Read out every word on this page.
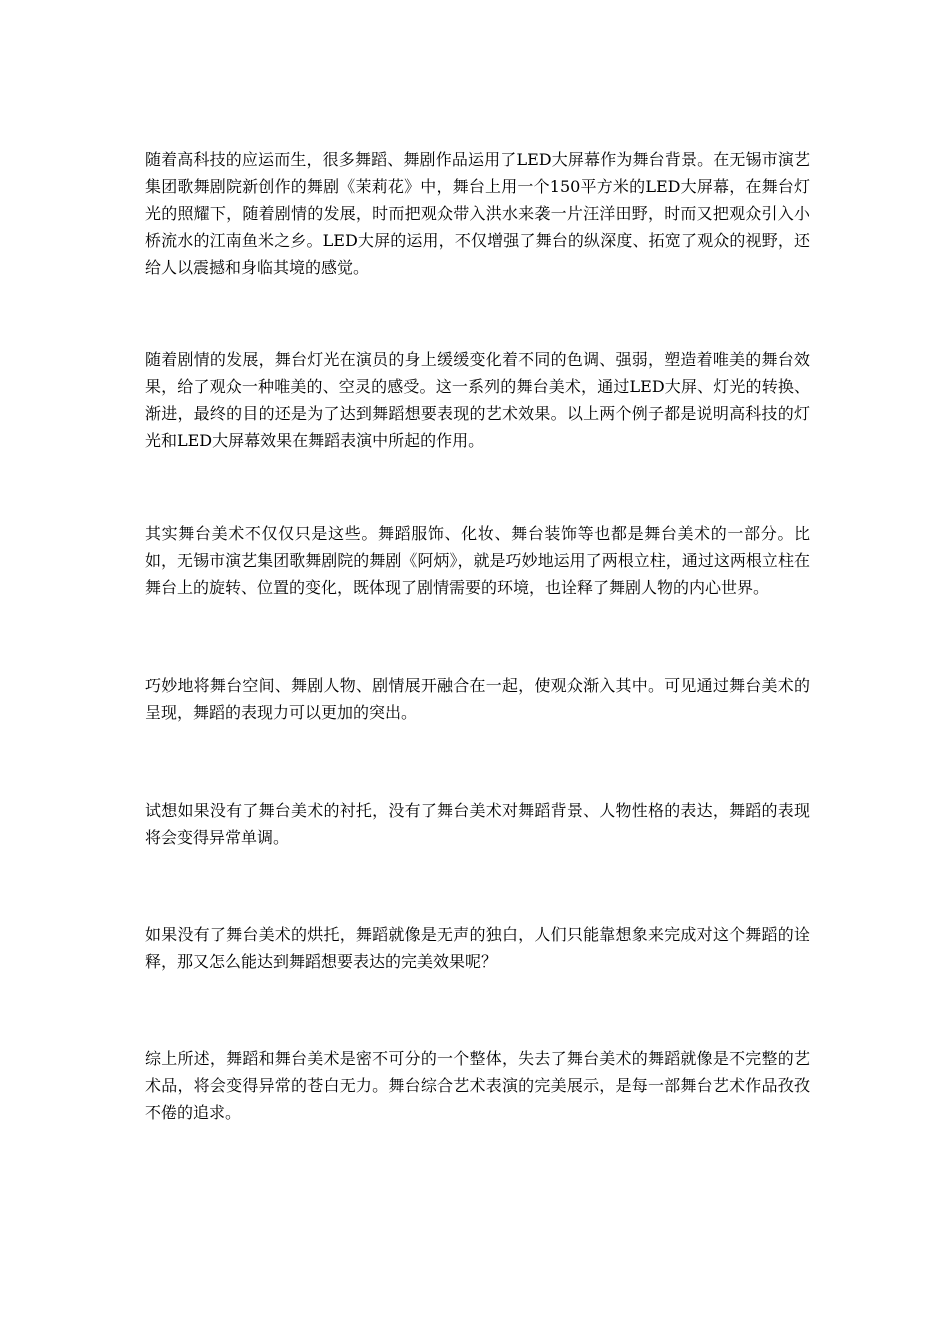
随着高科技的应运而生，很多舞蹈、舞剧作品运用了LED大屏幕作为舞台背景。在无锡市演艺集团歌舞剧院新创作的舞剧《茉莉花》中，舞台上用一个150平方米的LED大屏幕，在舞台灯光的照耀下，随着剧情的发展，时而把观众带入洪水来袭一片汪洋田野，时而又把观众引入小桥流水的江南鱼米之乡。LED大屏的运用，不仅增强了舞台的纵深度、拓宽了观众的视野，还给人以震撼和身临其境的感觉。

随着剧情的发展，舞台灯光在演员的身上缓缓变化着不同的色调、强弱，塑造着唯美的舞台效果，给了观众一种唯美的、空灵的感受。这一系列的舞台美术，通过LED大屏、灯光的转换、渐进，最终的目的还是为了达到舞蹈想要表现的艺术效果。以上两个例子都是说明高科技的灯光和LED大屏幕效果在舞蹈表演中所起的作用。

其实舞台美术不仅仅只是这些。舞蹈服饰、化妆、舞台装饰等也都是舞台美术的一部分。比如，无锡市演艺集团歌舞剧院的舞剧《阿炳》，就是巧妙地运用了两根立柱，通过这两根立柱在舞台上的旋转、位置的变化，既体现了剧情需要的环境，也诠释了舞剧人物的内心世界。

巧妙地将舞台空间、舞剧人物、剧情展开融合在一起，使观众渐入其中。可见通过舞台美术的呈现，舞蹈的表现力可以更加的突出。

试想如果没有了舞台美术的衬托，没有了舞台美术对舞蹈背景、人物性格的表达，舞蹈的表现将会变得异常单调。

如果没有了舞台美术的烘托，舞蹈就像是无声的独白，人们只能靠想象来完成对这个舞蹈的诠释，那又怎么能达到舞蹈想要表达的完美效果呢？

综上所述，舞蹈和舞台美术是密不可分的一个整体，失去了舞台美术的舞蹈就像是不完整的艺术品，将会变得异常的苍白无力。舞台综合艺术表演的完美展示，是每一部舞台艺术作品孜孜不倦的追求。
